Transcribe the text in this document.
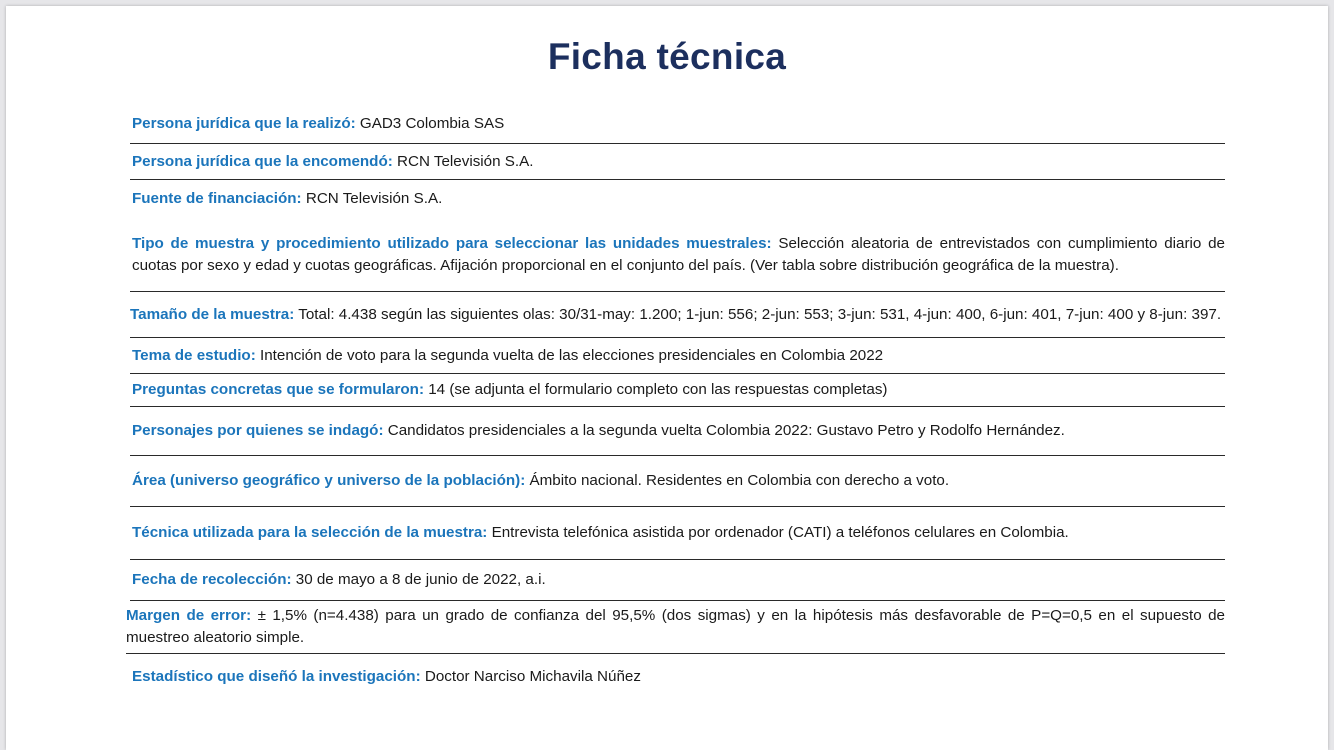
Ficha técnica
Persona jurídica que la realizó: GAD3 Colombia SAS
Persona jurídica que la encomendó: RCN Televisión S.A.
Fuente de financiación: RCN Televisión S.A.
Tipo de muestra y procedimiento utilizado para seleccionar las unidades muestrales: Selección aleatoria de entrevistados con cumplimiento diario de cuotas por sexo y edad y cuotas geográficas. Afijación proporcional en el conjunto del país. (Ver tabla sobre distribución geográfica de la muestra).
Tamaño de la muestra: Total: 4.438 según las siguientes olas: 30/31-may: 1.200; 1-jun: 556; 2-jun: 553; 3-jun: 531, 4-jun: 400, 6-jun: 401, 7-jun: 400 y 8-jun: 397.
Tema de estudio: Intención de voto para la segunda vuelta de las elecciones presidenciales en Colombia 2022
Preguntas concretas que se formularon: 14 (se adjunta el formulario completo con las respuestas completas)
Personajes por quienes se indagó: Candidatos presidenciales a la segunda vuelta Colombia 2022: Gustavo Petro y Rodolfo Hernández.
Área (universo geográfico y universo de la población): Ámbito nacional. Residentes en Colombia con derecho a voto.
Técnica utilizada para la selección de la muestra: Entrevista telefónica asistida por ordenador (CATI) a teléfonos celulares en Colombia.
Fecha de recolección: 30 de mayo a 8 de junio de 2022, a.i.
Margen de error: ± 1,5% (n=4.438) para un grado de confianza del 95,5% (dos sigmas) y en la hipótesis más desfavorable de P=Q=0,5 en el supuesto de muestreo aleatorio simple.
Estadístico que diseñó la investigación: Doctor Narciso Michavila Núñez
